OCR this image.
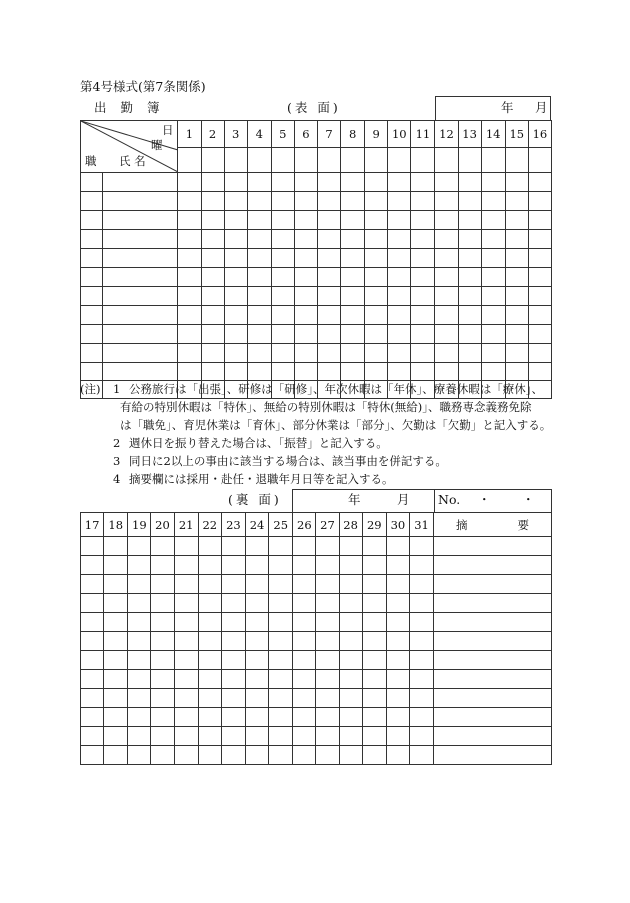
第4号様式(第7条関係)
出 勤 簿	(表 面)	年 月
日
曜
職 氏 名		1	2	3	4	5	6	7	8	9	10	11	12	13	14	15	16

(注) 1 公務旅行は「出張」、研修は「研修」、年次休暇は「年休」、療養休暇は「療休」、
有給の特別休暇は「特休」、無給の特別休暇は「特休(無給)」、職務専念義務免除
は「職免」、育児休業は「育休」、部分休業は「部分」、欠勤は「欠勤」と記入する。
2 週休日を振り替えた場合は、「振替」と記入する。
3 同日に2以上の事由に該当する場合は、該当事由を併記する。
4 摘要欄には採用・赴任・退職年月日等を記入する。
(裏 面)	年	月 No. ・	・
17	18	19	20	21	22	23	24	25	26	27	28	29	30	31	摘 要
